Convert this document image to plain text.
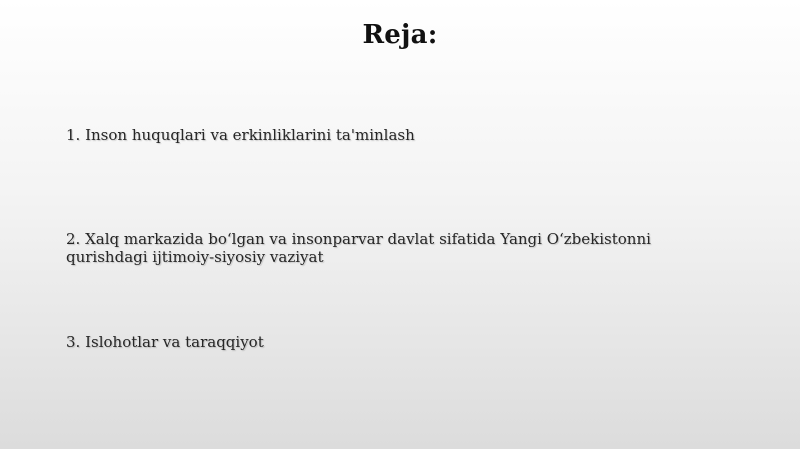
Reja:
1. Inson huquqlari va erkinliklarini ta'minlash
2. Xalq markazida bo‘lgan va insonparvar davlat sifatida Yangi O‘zbekistonni qurishdagi ijtimoiy-siyosiy vaziyat
3. Islohotlar va taraqqiyot
